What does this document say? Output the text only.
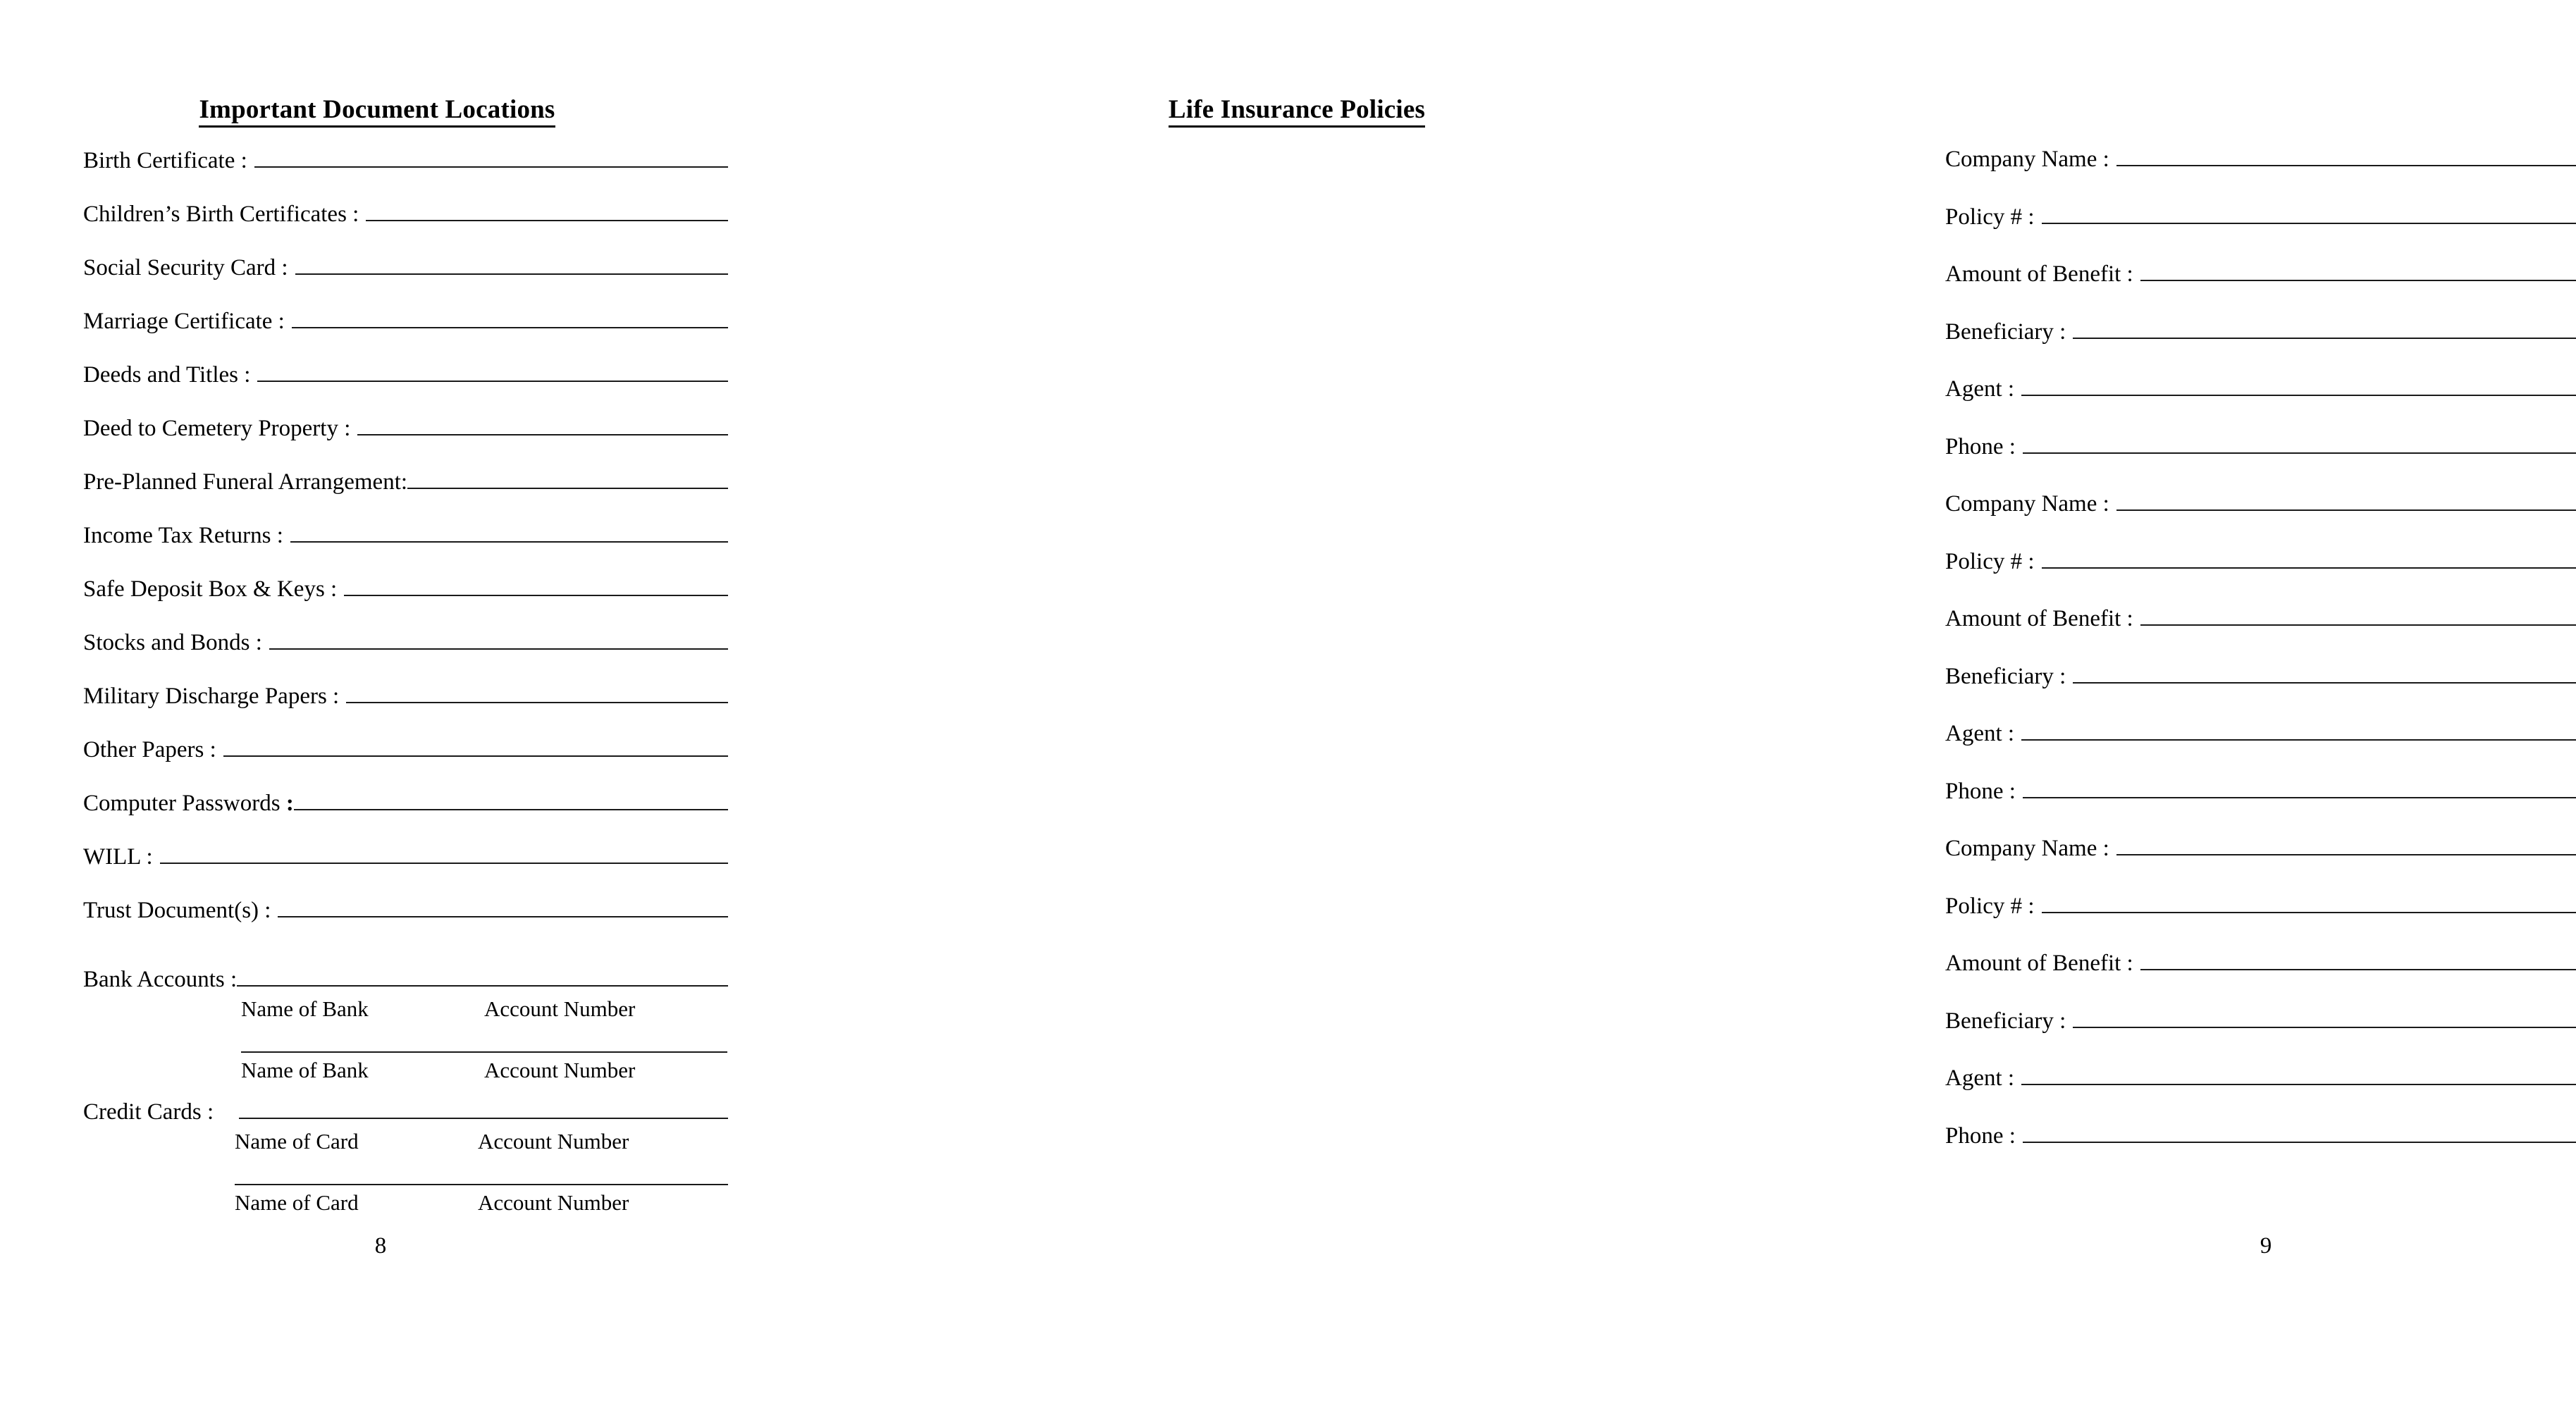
Important Document Locations
Birth Certificate :
Children’s Birth Certificates :
Social Security Card :
Marriage Certificate :
Deeds and Titles :
Deed to Cemetery Property :
Pre-Planned Funeral Arrangement:
Income Tax Returns :
Safe Deposit Box & Keys :
Stocks and Bonds :
Military Discharge Papers :
Other Papers :
Computer Passwords :
WILL :
Trust Document(s) :
Bank Accounts :
Name of Bank	Account Number
Name of Bank	Account Number
Credit Cards :
Name of Card	Account Number
Name of Card	Account Number
8
Life Insurance Policies
Company Name :
Policy # :
Amount of Benefit :
Beneficiary :
Agent :
Phone :
Company Name :
Policy # :
Amount of Benefit :
Beneficiary :
Agent :
Phone :
Company Name :
Policy # :
Amount of Benefit :
Beneficiary :
Agent :
Phone :
9
